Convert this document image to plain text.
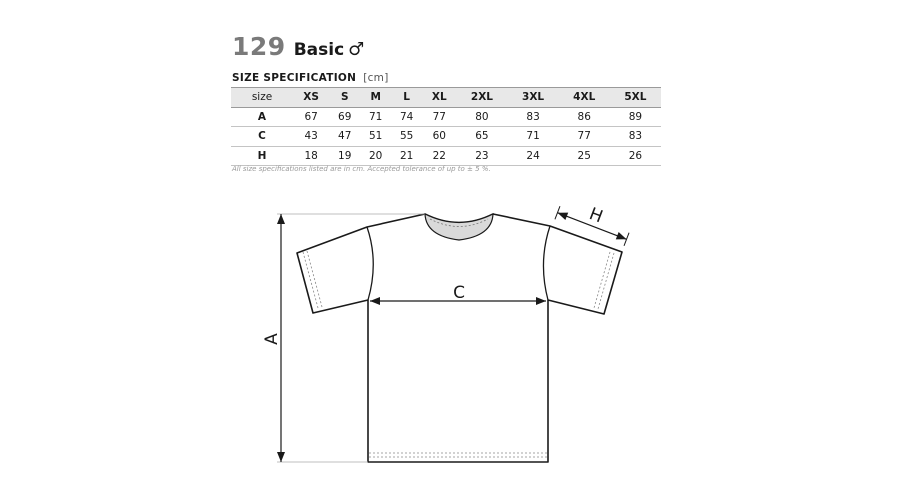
129 Basic ♂
SIZE SPECIFICATION [cm]
size	XS	S	M	L	XL	2XL	3XL	4XL	5XL
A	67	69	71	74	77	80	83	86	89
C	43	47	51	55	60	65	71	77	83
H	18	19	20	21	22	23	24	25	26
All size specifications listed are in cm. Accepted tolerance of up to ± 5 %.
A
C
H
